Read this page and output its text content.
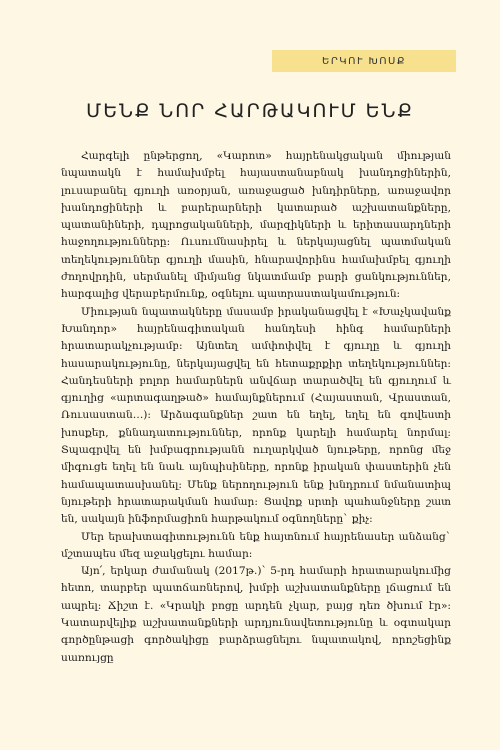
ԵՐԿՈՒ ԽՈՍՔ
ՄԵՆՔ ՆՈՐ ՀԱՐԹԱԿՈՒՄ ԵՆՔ

Հարգելի ընթերցող, «Կարոտ» հայրենակցական միության նպատակն է համախմբել հայաստանաբնակ խանդոցիներին, լուսաբանել գյուղի առօրյան, առաջացած խնդիրները, առաջավոր խանդոցիների և բարերարների կատարած աշխատանքները, պատանիների, դպրոցականների, մարզիկների և երիտասարդների հաջողությունները: Ուսումնասիրել և ներկայացնել պատմական տեղեկություններ գյուղի մասին, հնարավորինս համախմբել գյուղի ժողովրդին, սերմանել միմյանց նկատմամբ բարի ցանկություններ, հարգալից վերաբերմունք, օգնելու պատրաստակամություն:

Միության նպատակները մասամբ իրականացվել է «Խաչկավանք Խանդոր» հայրենագիտական հանդեսի հինգ համարների հրատարակչությամբ: Այնտեղ ամփոփվել է գյուղը և գյուղի հասարակությունը, ներկայացվել են հետաքրքիր տեղեկություններ: Հանդեսների բոլոր համարներն անվճար տարածվել են գյուղում և գյուղից «արտագաղթած» համայնքներում (Հայաստան, Վրաստան, Ռուսաստան…): Արձագանքներ շատ են եղել, եղել են գովեստի խոսքեր, քննադատություններ, որոնք կարելի համարել նորմալ: Տպագրվել են խմբագրությանն ուղարկված նյութերը, որոնց մեջ միգուցե եղել են նաև այնպիսիները, որոնք իրական փաստերին չեն համապատասխանել: Մենք ներողություն ենք խնդրում նմանատիպ նյութերի հրատարակման համար: Ցավոք սրտի պահանջները շատ են, սակայն ինֆորմացիոն հարթակում օգնողները` քիչ:

Մեր երախտագիտությունն ենք հայտնում հայրենասեր անձանց` մշտապես մեզ աջակցելու համար:

Այո՛, երկար ժամանակ (2017թ.)՝ 5-րդ համարի հրատարակումից հետո, տարբեր պատճառներով, խմբի աշխատանքները լճացում են ապրել: Ճիշտ է. «Կրակի բոցը արդեն չկար, բայց դեռ ծխում էր»: Կատարվելիք աշխատանքների արդյունավետությունը և օգտակար գործընթացի գործակիցը բարձրացնելու նպատակով, որոշեցինք սառույցը
